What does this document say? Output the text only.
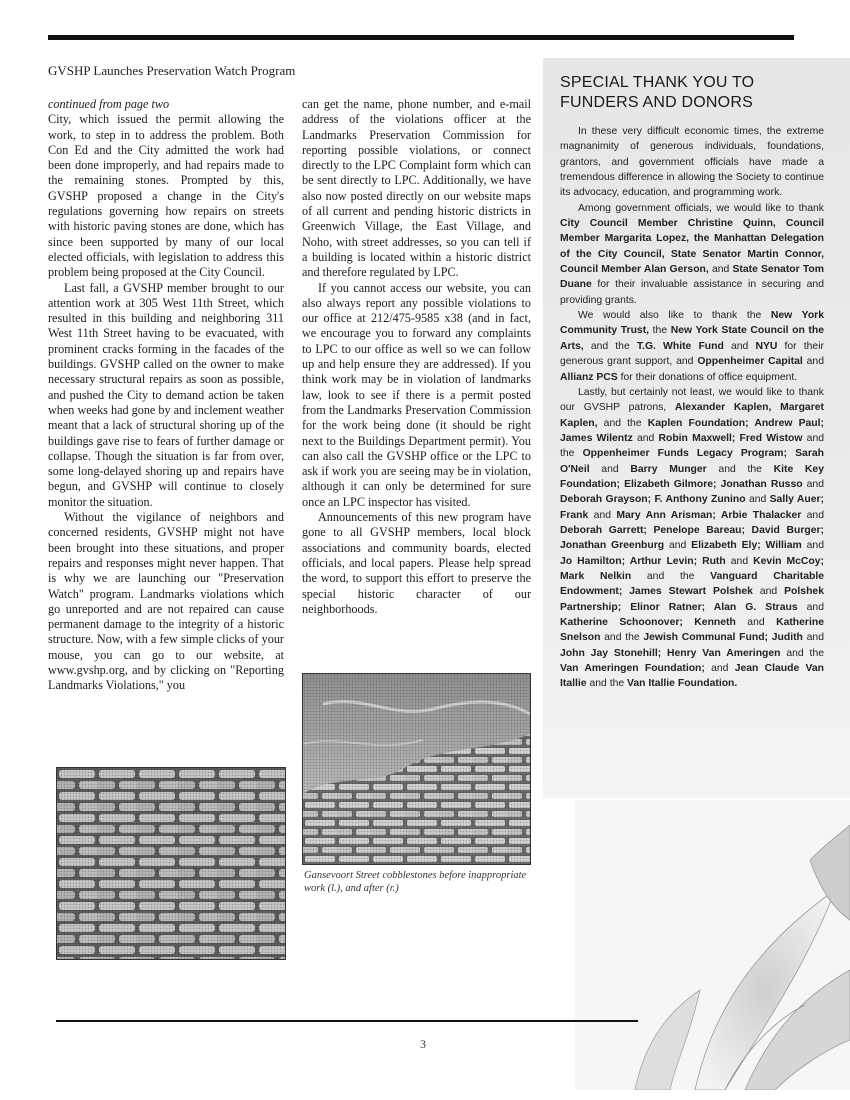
GVSHP Launches Preservation Watch Program
continued from page two

City, which issued the permit allowing the work, to step in to address the problem. Both Con Ed and the City admitted the work had been done improperly, and had repairs made to the remaining stones. Prompted by this, GVSHP proposed a change in the City's regulations governing how repairs on streets with historic paving stones are done, which has since been supported by many of our local elected officials, with legislation to address this problem being proposed at the City Council.

Last fall, a GVSHP member brought to our attention work at 305 West 11th Street, which resulted in this building and neighboring 311 West 11th Street having to be evacuated, with prominent cracks forming in the facades of the buildings. GVSHP called on the owner to make necessary structural repairs as soon as possible, and pushed the City to demand action be taken when weeks had gone by and inclement weather meant that a lack of structural shoring up of the buildings gave rise to fears of further damage or collapse. Though the situation is far from over, some long-delayed shoring up and repairs have begun, and GVSHP will continue to closely monitor the situation.

Without the vigilance of neighbors and concerned residents, GVSHP might not have been brought into these situations, and proper repairs and responses might never happen. That is why we are launching our "Preservation Watch" program. Landmarks violations which go unreported and are not repaired can cause permanent damage to the integrity of a historic structure. Now, with a few simple clicks of your mouse, you can go to our website, at www.gvshp.org, and by clicking on "Reporting Landmarks Violations," you

can get the name, phone number, and e-mail address of the violations officer at the Landmarks Preservation Commission for reporting possible violations, or connect directly to the LPC Complaint form which can be sent directly to LPC. Additionally, we have also now posted directly on our website maps of all current and pending historic districts in Greenwich Village, the East Village, and Noho, with street addresses, so you can tell if a building is located within a historic district and therefore regulated by LPC.

If you cannot access our website, you can also always report any possible violations to our office at 212/475-9585 x38 (and in fact, we encourage you to forward any complaints to LPC to our office as well so we can follow up and help ensure they are addressed). If you think work may be in violation of landmarks law, look to see if there is a permit posted from the Landmarks Preservation Commission for the work being done (it should be right next to the Buildings Department permit). You can also call the GVSHP office or the LPC to ask if work you are seeing may be in violation, although it can only be determined for sure once an LPC inspector has visited.

Announcements of this new program have gone to all GVSHP members, local block associations and community boards, elected officials, and local papers. Please help spread the word, to support this effort to preserve the special historic character of our neighborhoods.

Gansevoort Street cobblestones before inappropriate work (l.), and after (r.)
SPECIAL THANK YOU TO FUNDERS AND DONORS

In these very difficult economic times, the extreme magnanimity of generous individuals, foundations, grantors, and government officials have made a tremendous difference in allowing the Society to continue its advocacy, education, and programming work.

Among government officials, we would like to thank City Council Member Christine Quinn, Council Member Margarita Lopez, the Manhattan Delegation of the City Council, State Senator Martin Connor, Council Member Alan Gerson, and State Senator Tom Duane for their invaluable assistance in securing and providing grants.

We would also like to thank the New York Community Trust, the New York State Council on the Arts, and the T.G. White Fund and NYU for their generous grant support, and Oppenheimer Capital and Allianz PCS for their donations of office equipment.

Lastly, but certainly not least, we would like to thank our GVSHP patrons, Alexander Kaplen, Margaret Kaplen, and the Kaplen Foundation; Andrew Paul; James Wilentz and Robin Maxwell; Fred Wistow and the Oppenheimer Funds Legacy Program; Sarah O'Neil and Barry Munger and the Kite Key Foundation; Elizabeth Gilmore; Jonathan Russo and Deborah Grayson; F. Anthony Zunino and Sally Auer; Frank and Mary Ann Arisman; Arbie Thalacker and Deborah Garrett; Penelope Bareau; David Burger; Jonathan Greenburg and Elizabeth Ely; William and Jo Hamilton; Arthur Levin; Ruth and Kevin McCoy; Mark Nelkin and the Vanguard Charitable Endowment; James Stewart Polshek and Polshek Partnership; Elinor Ratner; Alan G. Straus and Katherine Schoonover; Kenneth and Katherine Snelson and the Jewish Communal Fund; Judith and John Jay Stonehill; Henry Van Ameringen and the Van Ameringen Foundation; and Jean Claude Van Itallie and the Van Itallie Foundation.

3
